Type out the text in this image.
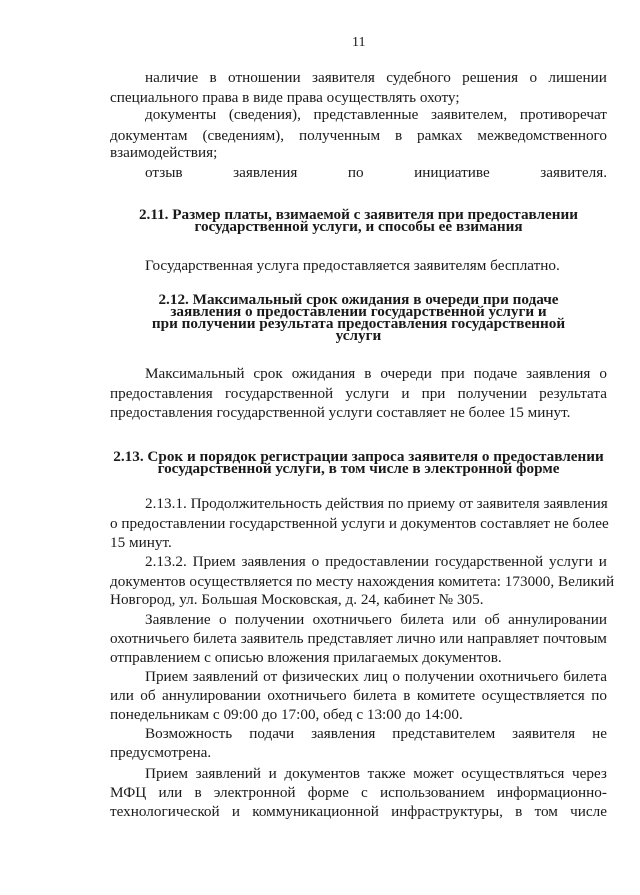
11
наличие в отношении заявителя судебного решения о лишении
специального права в виде права осуществлять охоту;
документы (сведения), представленные заявителем, противоречат
документам (сведениям), полученным в рамках межведомственного
взаимодействия;
отзыв	заявления	по	инициативе	заявителя.
2.11. Размер платы, взимаемой с заявителя при предоставлении
государственной услуги, и способы ее взимания
Государственная услуга предоставляется заявителям бесплатно.
2.12. Максимальный срок ожидания в очереди при подаче
заявления о предоставлении государственной услуги и
при получении результата предоставления государственной
услуги
Максимальный срок ожидания в очереди при подаче заявления о
предоставления государственной услуги и при получении результата
предоставления государственной услуги составляет не более 15 минут.
2.13. Срок и порядок регистрации запроса заявителя о предоставлении
государственной услуги, в том числе в электронной форме
2.13.1. Продолжительность действия по приему от заявителя заявления
о предоставлении государственной услуги и документов составляет не более
15 минут.
2.13.2. Прием заявления о предоставлении государственной услуги и
документов осуществляется по месту нахождения комитета: 173000, Великий
Новгород, ул. Большая Московская, д. 24, кабинет № 305.
Заявление о получении охотничьего билета или об аннулировании
охотничьего билета заявитель представляет лично или направляет почтовым
отправлением с описью вложения прилагаемых документов.
Прием заявлений от физических лиц о получении охотничьего билета
или об аннулировании охотничьего билета в комитете осуществляется по
понедельникам с 09:00 до 17:00, обед с 13:00 до 14:00.
Возможность подачи заявления представителем заявителя не
предусмотрена.
Прием заявлений и документов также может осуществляться через
МФЦ или в электронной форме с использованием информационно-
технологической и коммуникационной инфраструктуры, в том числе
